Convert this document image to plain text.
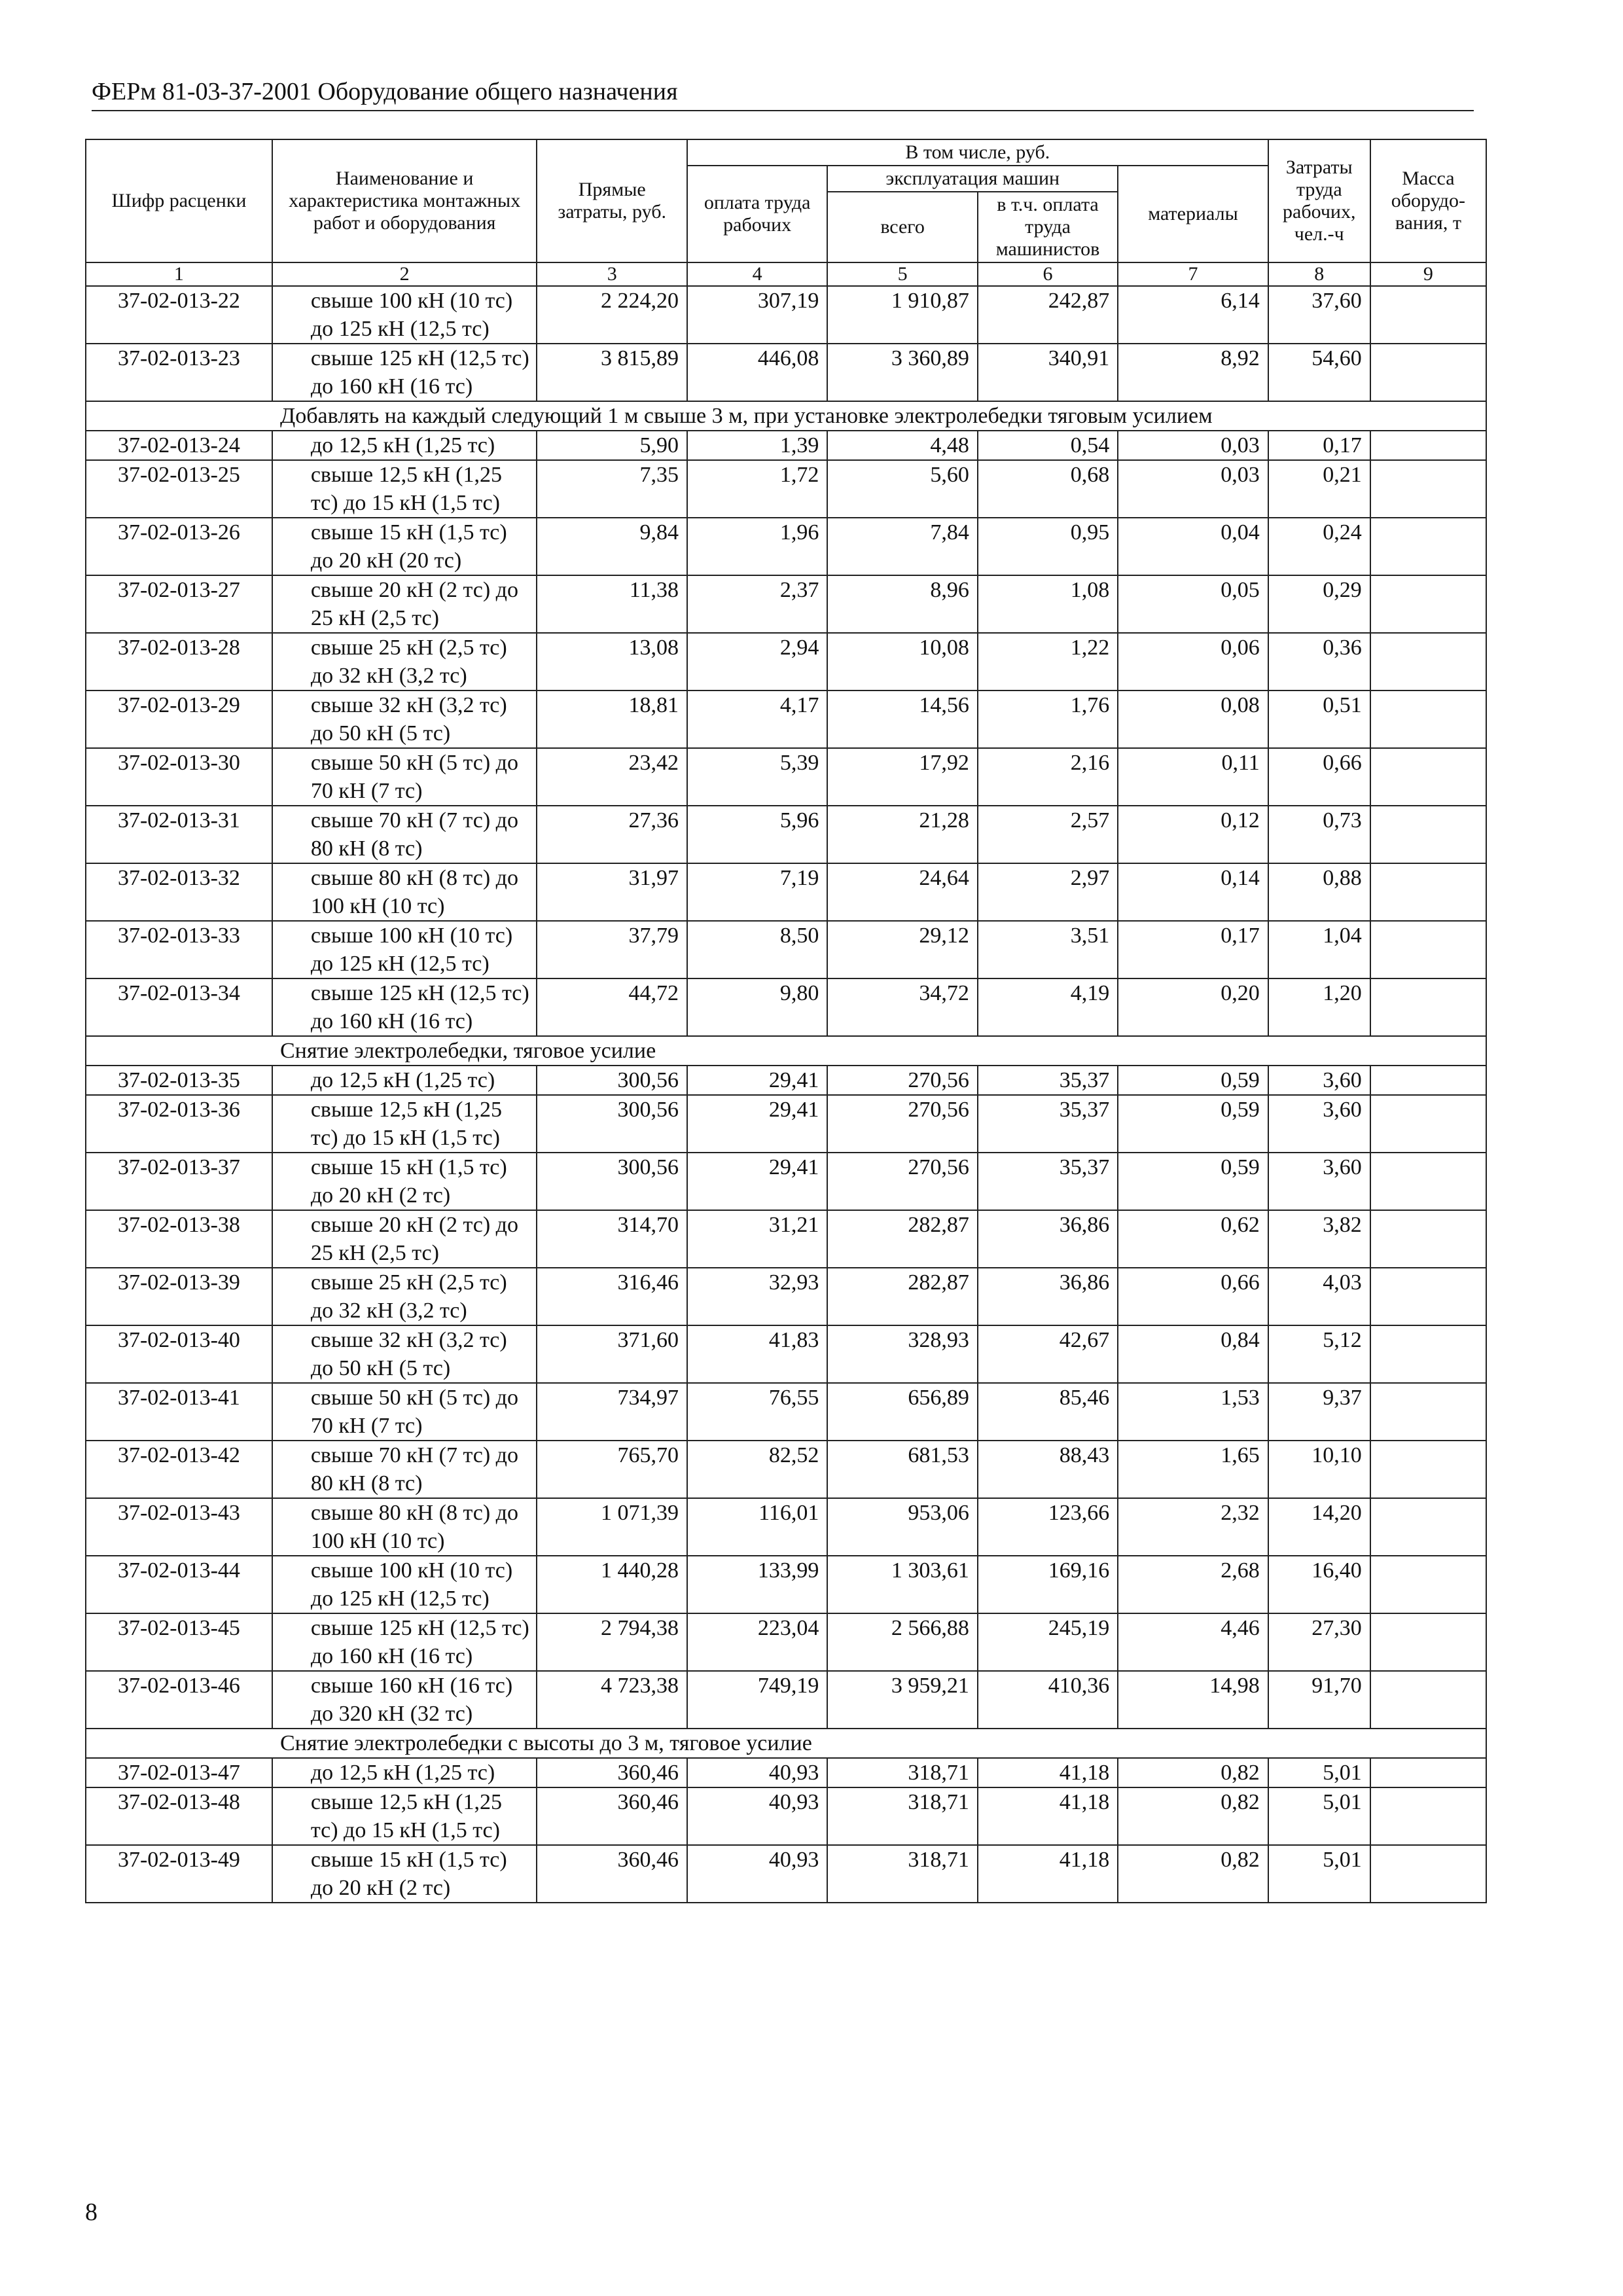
ФЕРм 81-03-37-2001 Оборудование общего назначения
Шифр расценки	Наименование и характеристика монтажных работ и оборудования	Прямые затраты, руб.	В том числе, руб.				Затраты труда рабочих, чел.-ч	Масса оборудо-вания, т
			оплата труда рабочих	эксплуатация машин		материалы		
				всего	в т.ч. оплата труда машинистов			
1	2	3	4	5	6	7	8	9
37-02-013-22	свыше 100 кН (10 тс) до 125 кН (12,5 тс)	2 224,20	307,19	1 910,87	242,87	6,14	37,60	
37-02-013-23	свыше 125 кН (12,5 тс) до 160 кН (16 тс)	3 815,89	446,08	3 360,89	340,91	8,92	54,60	
Добавлять на каждый следующий 1 м свыше 3 м, при установке электролебедки тяговым усилием								
37-02-013-24	до 12,5 кН (1,25 тс)	5,90	1,39	4,48	0,54	0,03	0,17	
37-02-013-25	свыше 12,5 кН (1,25 тс) до 15 кН (1,5 тс)	7,35	1,72	5,60	0,68	0,03	0,21	
37-02-013-26	свыше 15 кН (1,5 тс) до 20 кН (20 тс)	9,84	1,96	7,84	0,95	0,04	0,24	
37-02-013-27	свыше 20 кН (2 тс) до 25 кН (2,5 тс)	11,38	2,37	8,96	1,08	0,05	0,29	
37-02-013-28	свыше 25 кН (2,5 тс) до 32 кН (3,2 тс)	13,08	2,94	10,08	1,22	0,06	0,36	
37-02-013-29	свыше 32 кН (3,2 тс) до 50 кН (5 тс)	18,81	4,17	14,56	1,76	0,08	0,51	
37-02-013-30	свыше 50 кН (5 тс) до 70 кН (7 тс)	23,42	5,39	17,92	2,16	0,11	0,66	
37-02-013-31	свыше 70 кН (7 тс) до 80 кН (8 тс)	27,36	5,96	21,28	2,57	0,12	0,73	
37-02-013-32	свыше 80 кН (8 тс) до 100 кН (10 тс)	31,97	7,19	24,64	2,97	0,14	0,88	
37-02-013-33	свыше 100 кН (10 тс) до 125 кН (12,5 тс)	37,79	8,50	29,12	3,51	0,17	1,04	
37-02-013-34	свыше 125 кН (12,5 тс) до 160 кН (16 тс)	44,72	9,80	34,72	4,19	0,20	1,20	
Снятие электролебедки, тяговое усилие								
37-02-013-35	до 12,5 кН (1,25 тс)	300,56	29,41	270,56	35,37	0,59	3,60	
37-02-013-36	свыше 12,5 кН (1,25 тс) до 15 кН (1,5 тс)	300,56	29,41	270,56	35,37	0,59	3,60	
37-02-013-37	свыше 15 кН (1,5 тс) до 20 кН (2 тс)	300,56	29,41	270,56	35,37	0,59	3,60	
37-02-013-38	свыше 20 кН (2 тс) до 25 кН (2,5 тс)	314,70	31,21	282,87	36,86	0,62	3,82	
37-02-013-39	свыше 25 кН (2,5 тс) до 32 кН (3,2 тс)	316,46	32,93	282,87	36,86	0,66	4,03	
37-02-013-40	свыше 32 кН (3,2 тс) до 50 кН (5 тс)	371,60	41,83	328,93	42,67	0,84	5,12	
37-02-013-41	свыше 50 кН (5 тс) до 70 кН (7 тс)	734,97	76,55	656,89	85,46	1,53	9,37	
37-02-013-42	свыше 70 кН (7 тс) до 80 кН (8 тс)	765,70	82,52	681,53	88,43	1,65	10,10	
37-02-013-43	свыше 80 кН (8 тс) до 100 кН (10 тс)	1 071,39	116,01	953,06	123,66	2,32	14,20	
37-02-013-44	свыше 100 кН (10 тс) до 125 кН (12,5 тс)	1 440,28	133,99	1 303,61	169,16	2,68	16,40	
37-02-013-45	свыше 125 кН (12,5 тс) до 160 кН (16 тс)	2 794,38	223,04	2 566,88	245,19	4,46	27,30	
37-02-013-46	свыше 160 кН (16 тс) до 320 кН (32 тс)	4 723,38	749,19	3 959,21	410,36	14,98	91,70	
Снятие электролебедки с высоты до 3 м, тяговое усилие								
37-02-013-47	до 12,5 кН (1,25 тс)	360,46	40,93	318,71	41,18	0,82	5,01	
37-02-013-48	свыше 12,5 кН (1,25 тс) до 15 кН (1,5 тс)	360,46	40,93	318,71	41,18	0,82	5,01	
37-02-013-49	свыше 15 кН (1,5 тс) до 20 кН (2 тс)	360,46	40,93	318,71	41,18	0,82	5,01	
8
